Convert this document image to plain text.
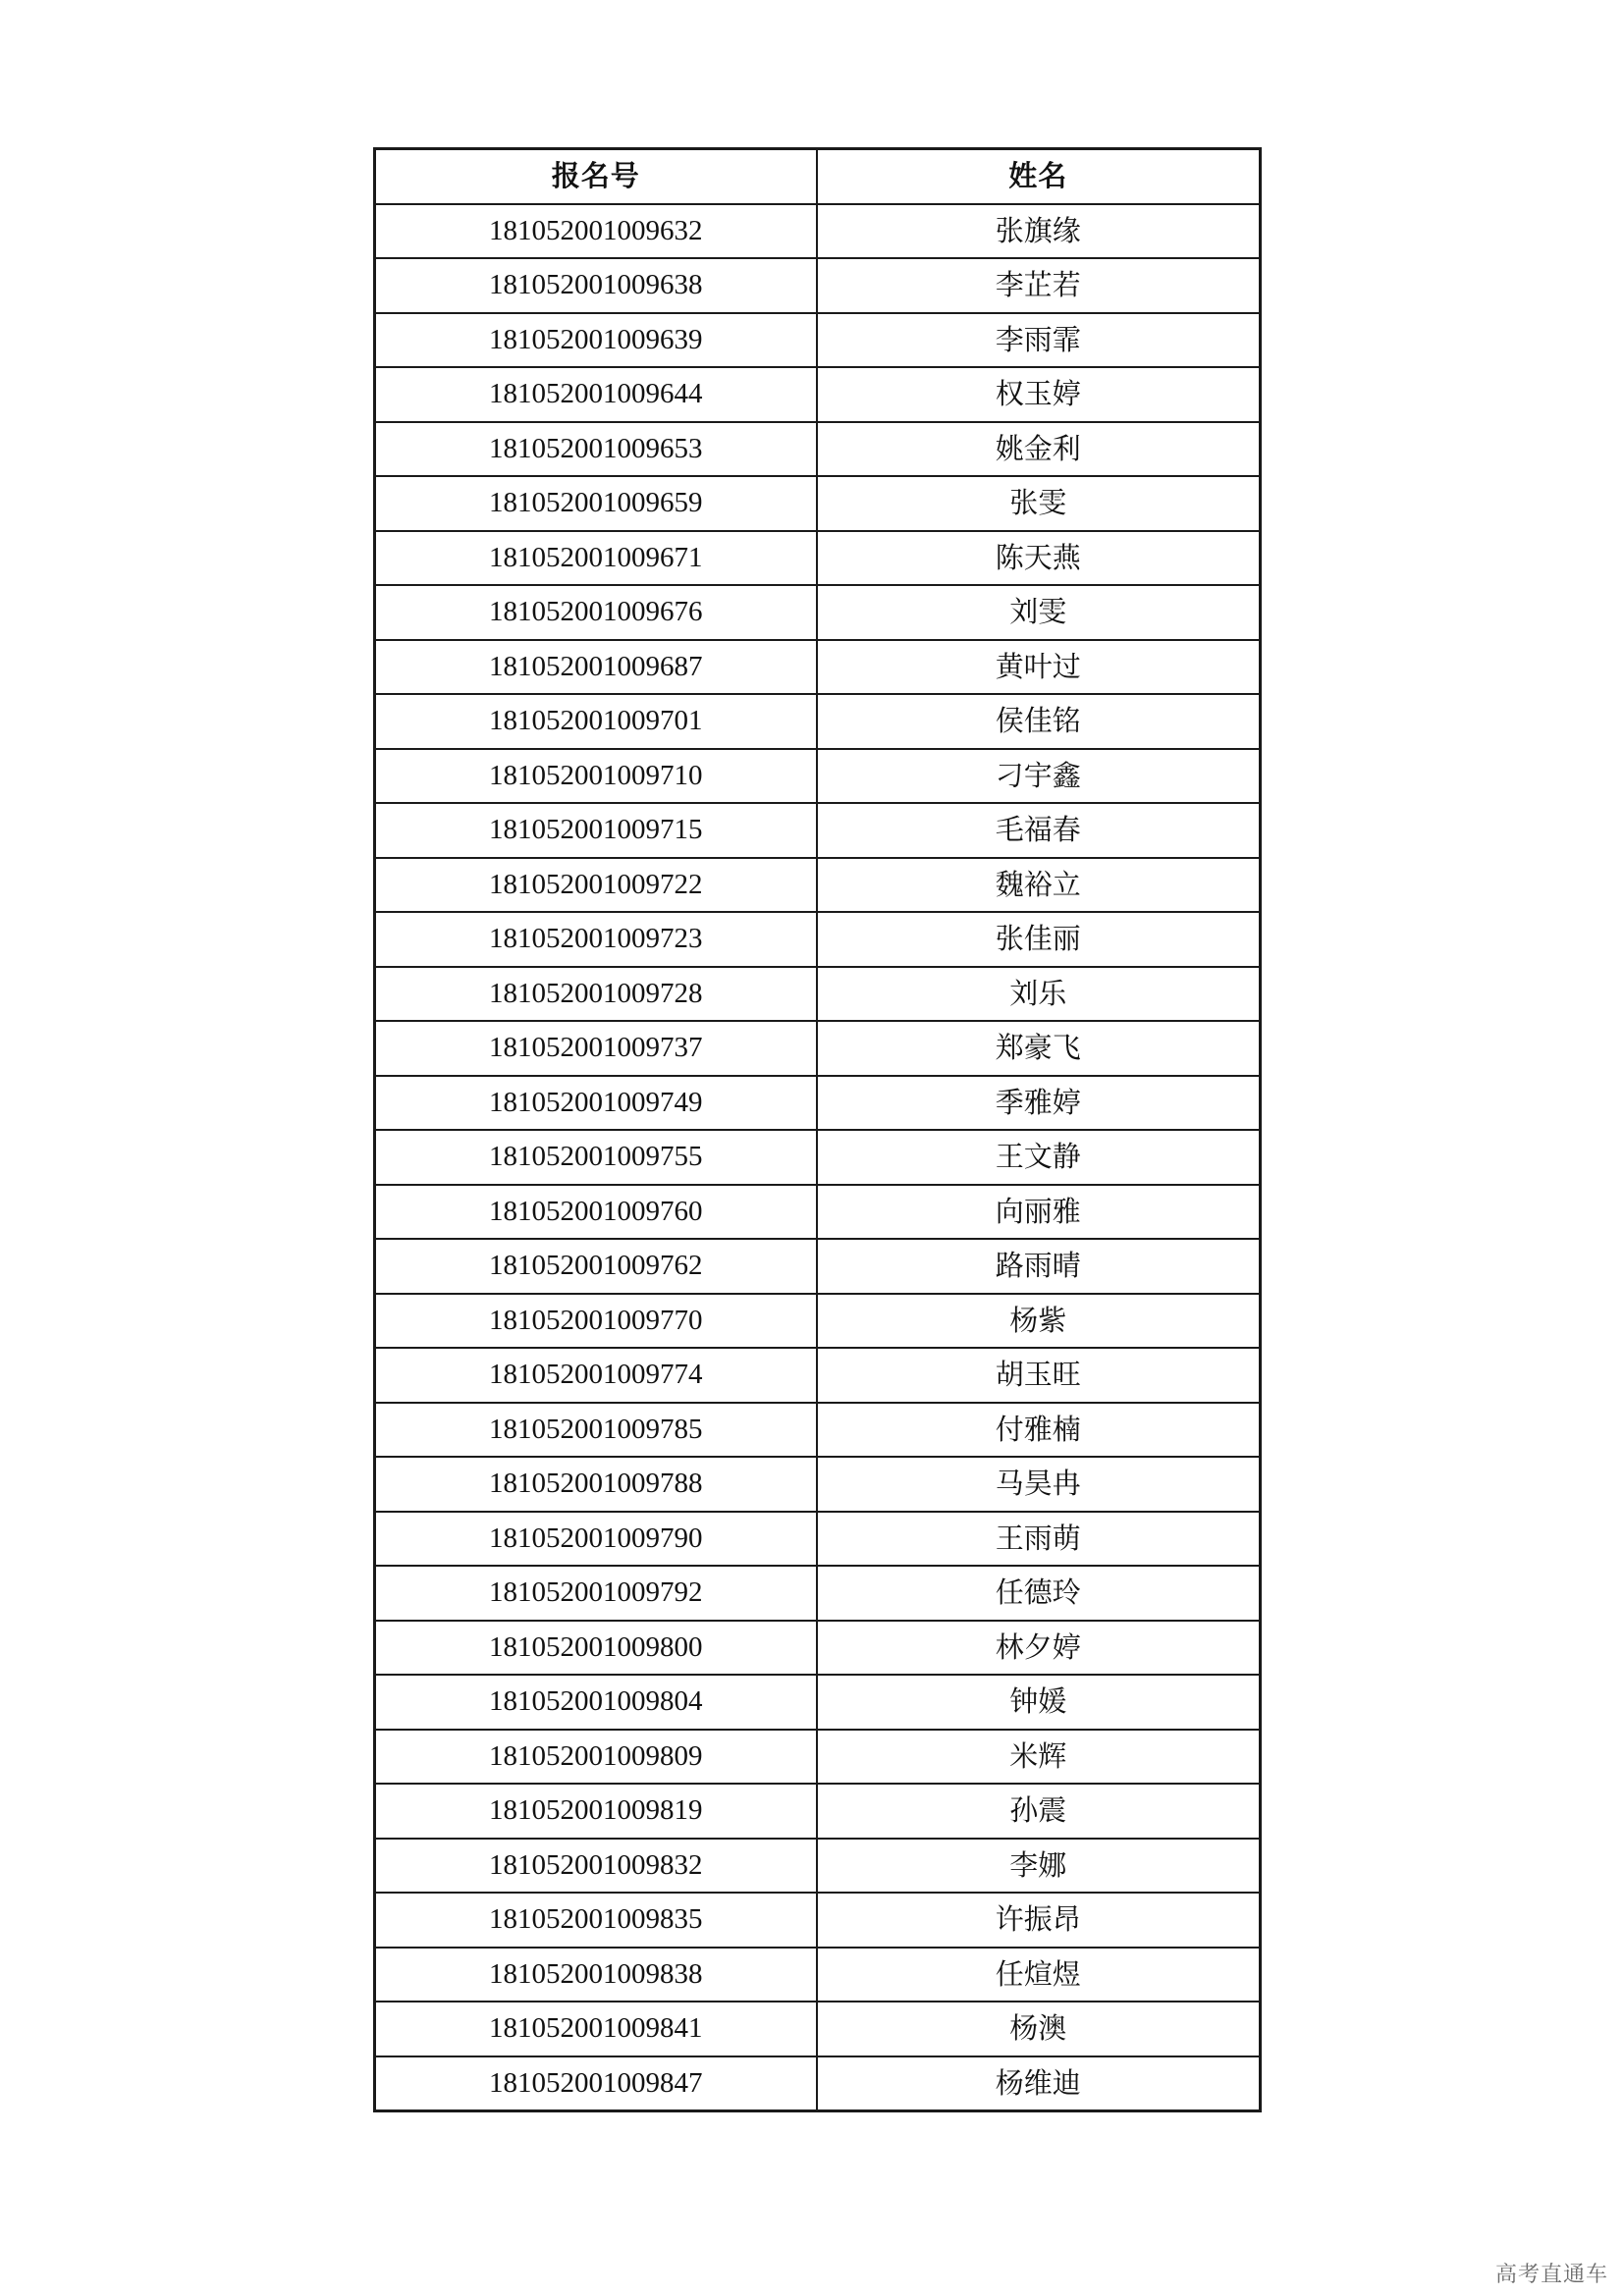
报名号	姓名
181052001009632	张旗缘
181052001009638	李芷若
181052001009639	李雨霏
181052001009644	权玉婷
181052001009653	姚金利
181052001009659	张雯
181052001009671	陈天燕
181052001009676	刘雯
181052001009687	黄叶过
181052001009701	侯佳铭
181052001009710	刁宇鑫
181052001009715	毛福春
181052001009722	魏裕立
181052001009723	张佳丽
181052001009728	刘乐
181052001009737	郑豪飞
181052001009749	季雅婷
181052001009755	王文静
181052001009760	向丽雅
181052001009762	路雨晴
181052001009770	杨紫
181052001009774	胡玉旺
181052001009785	付雅楠
181052001009788	马昊冉
181052001009790	王雨萌
181052001009792	任德玲
181052001009800	林夕婷
181052001009804	钟媛
181052001009809	米辉
181052001009819	孙震
181052001009832	李娜
181052001009835	许振昂
181052001009838	任煊煜
181052001009841	杨澳
181052001009847	杨维迪
高考直通车
